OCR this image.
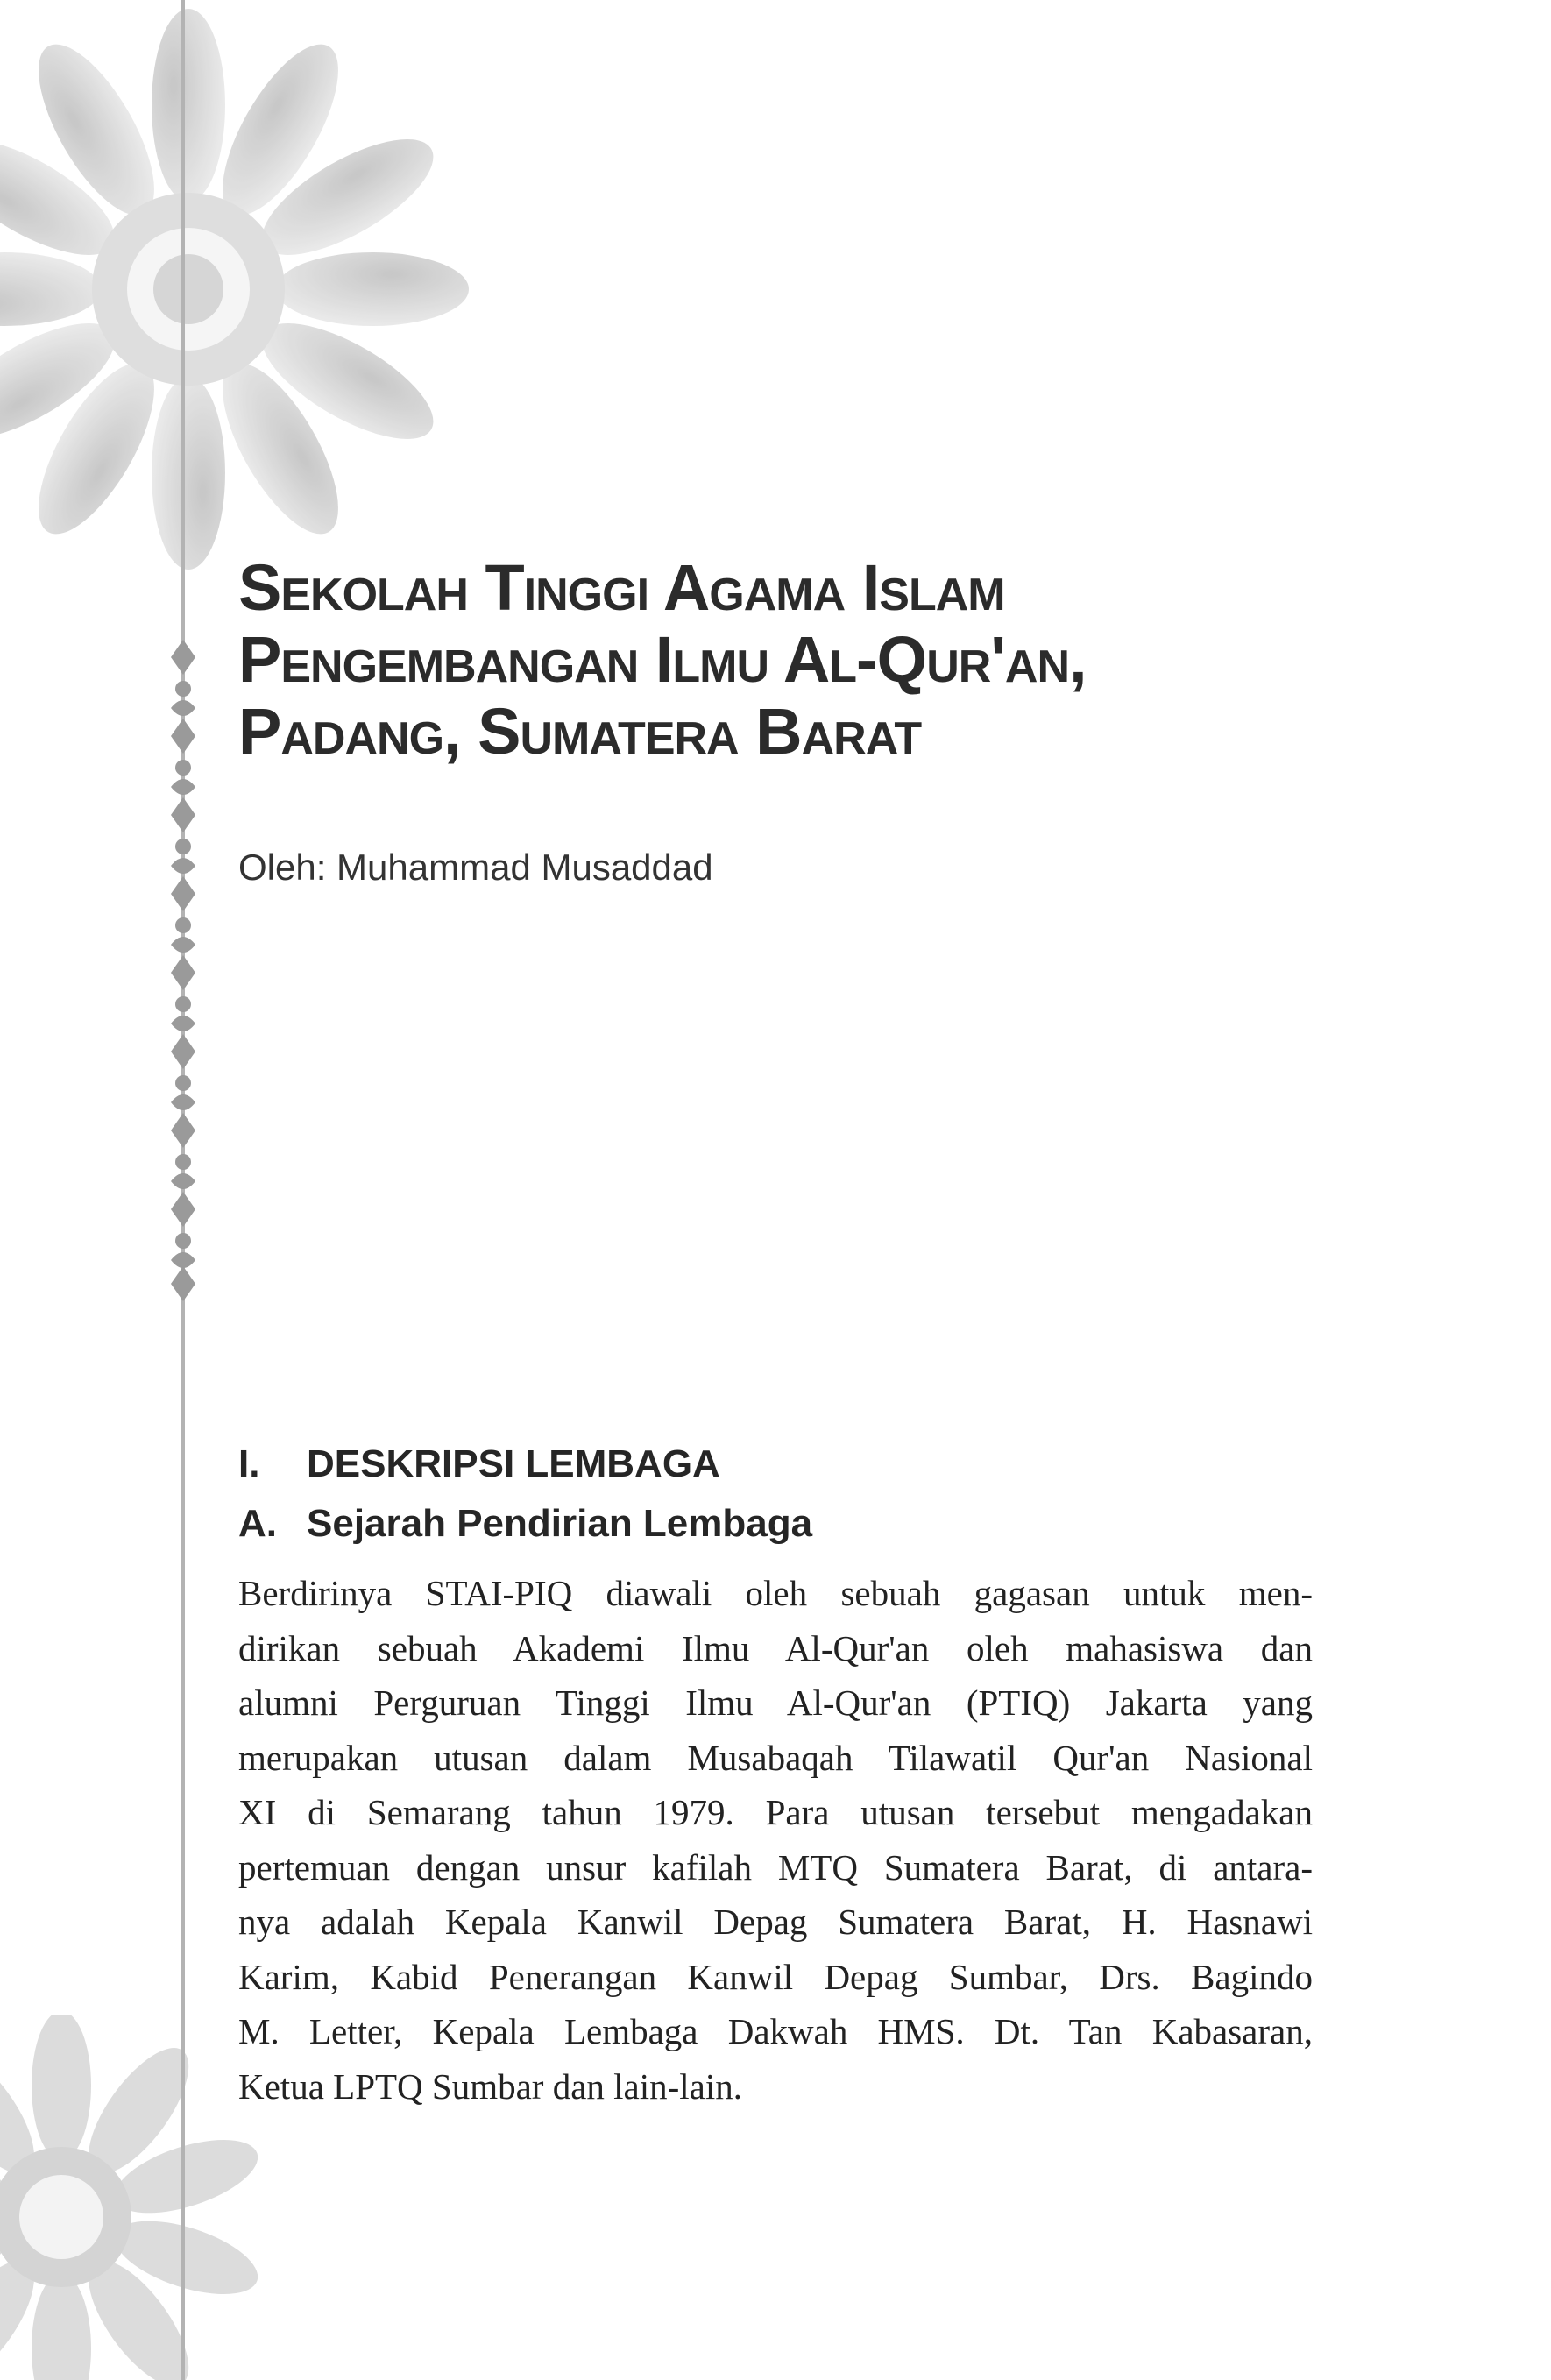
Sekolah Tinggi Agama Islam
Pengembangan Ilmu Al-Qur'an,
Padang, Sumatera Barat

Oleh: Muhammad Musaddad

I. DESKRIPSI LEMBAGA
A. Sejarah Pendirian Lembaga

Berdirinya STAI-PIQ diawali oleh sebuah gagasan untuk men-
dirikan sebuah Akademi Ilmu Al-Qur'an oleh mahasiswa dan
alumni Perguruan Tinggi Ilmu Al-Qur'an (PTIQ) Jakarta yang
merupakan utusan dalam Musabaqah Tilawatil Qur'an Nasional
XI di Semarang tahun 1979. Para utusan tersebut mengadakan
pertemuan dengan unsur kafilah MTQ Sumatera Barat, di antara-
nya adalah Kepala Kanwil Depag Sumatera Barat, H. Hasnawi
Karim, Kabid Penerangan Kanwil Depag Sumbar, Drs. Bagindo
M. Letter, Kepala Lembaga Dakwah HMS. Dt. Tan Kabasaran,
Ketua LPTQ Sumbar dan lain-lain.
